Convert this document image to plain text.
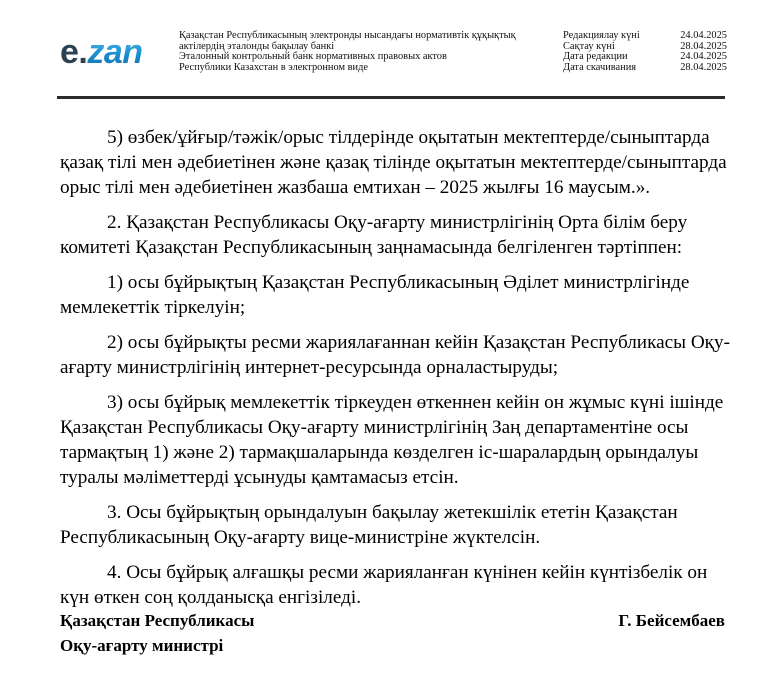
e.zan	Қазақстан Республикасының электронды нысандағы нормативтік құқықтық
актілердің эталонды бақылау банкі
Эталонный контрольный банк нормативных правовых актов
Республики Казахстан в электронном виде
Редакциялау күні	24.04.2025
Сақтау күні	28.04.2025
Дата редакции	24.04.2025
Дата скачивания	28.04.2025

5) өзбек/ұйғыр/тәжік/орыс тілдерінде оқытатын мектептерде/сыныптарда
қазақ тілі мен әдебиетінен және қазақ тілінде оқытатын мектептерде/сыныптарда
орыс тілі мен әдебиетінен жазбаша емтихан – 2025 жылғы 16 маусым.».

2. Қазақстан Республикасы Оқу-ағарту министрлігінің Орта білім беру
комитеті Қазақстан Республикасының заңнамасында белгіленген тәртіппен:

1) осы бұйрықтың Қазақстан Республикасының Әділет министрлігінде
мемлекеттік тіркелуін;

2) осы бұйрықты ресми жариялағаннан кейін Қазақстан Республикасы Оқу-
ағарту министрлігінің интернет-ресурсында орналастыруды;

3) осы бұйрық мемлекеттік тіркеуден өткеннен кейін он жұмыс күні ішінде
Қазақстан Республикасы Оқу-ағарту министрлігінің Заң департаментіне осы
тармақтың 1) және 2) тармақшаларында көзделген іс-шаралардың орындалуы
туралы мәліметтерді ұсынуды қамтамасыз етсін.

3. Осы бұйрықтың орындалуын бақылау жетекшілік ететін Қазақстан
Республикасының Оқу-ағарту вице-министріне жүктелсін.

4. Осы бұйрық алғашқы ресми жарияланған күнінен кейін күнтізбелік он
күн өткен соң қолданысқа енгізіледі.

Қазақстан Республикасы
Оқу-ағарту министрі
Г. Бейсембаев
